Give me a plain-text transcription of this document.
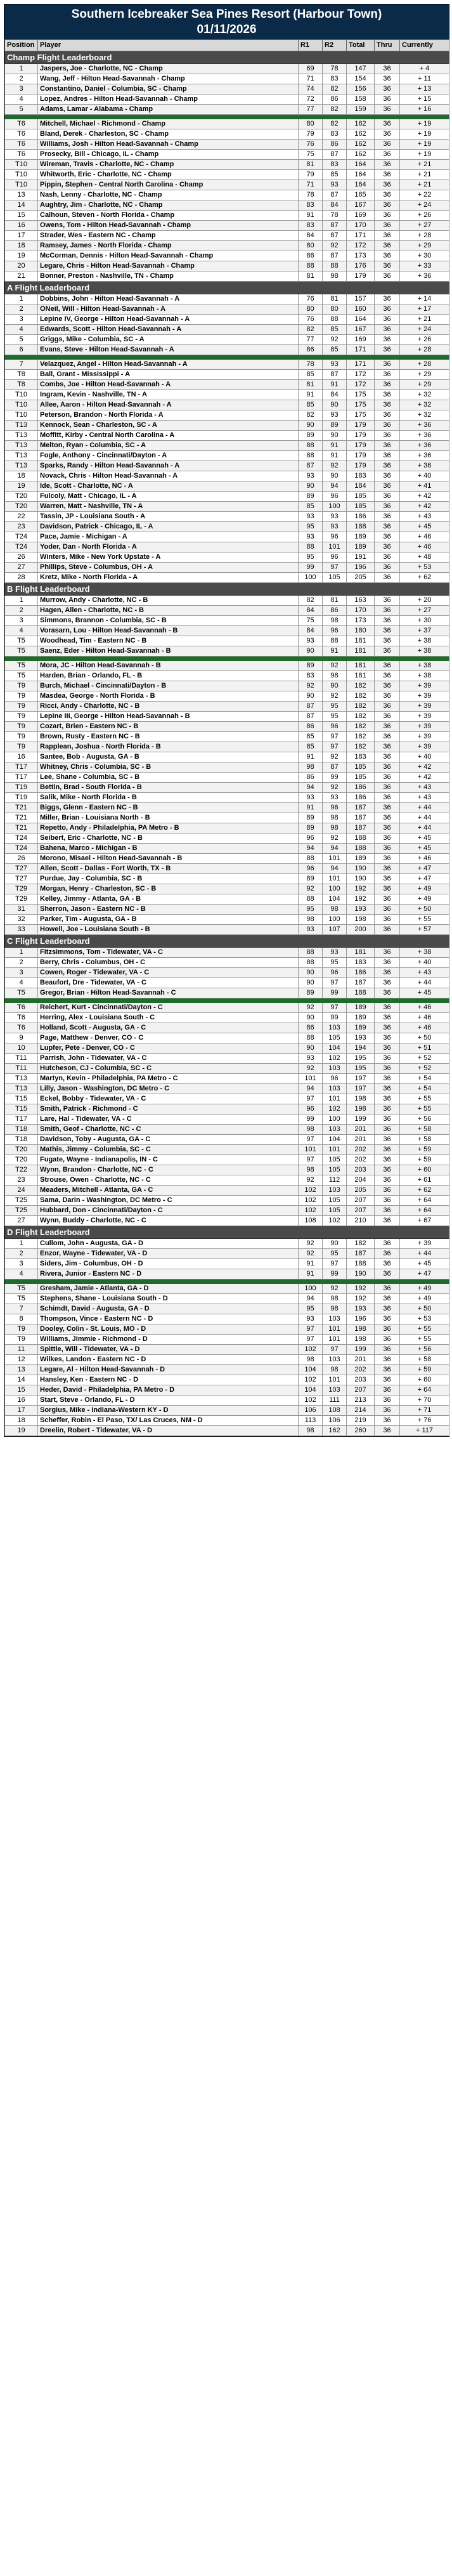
Southern Icebreaker Sea Pines Resort (Harbour Town)
01/11/2026
Position	Player	R1	R2	Total	Thru	Currently
Champ Flight Leaderboard						
1	Jaspers, Joe - Charlotte, NC - Champ	69	78	147	36	+ 4
2	Wang, Jeff - Hilton Head-Savannah - Champ	71	83	154	36	+ 11
3	Constantino, Daniel - Columbia, SC - Champ	74	82	156	36	+ 13
4	Lopez, Andres - Hilton Head-Savannah - Champ	72	86	158	36	+ 15
5	Adams, Lamar - Alabama - Champ	77	82	159	36	+ 16

T6	Mitchell, Michael - Richmond - Champ	80	82	162	36	+ 19
T6	Bland, Derek - Charleston, SC - Champ	79	83	162	36	+ 19
T6	Williams, Josh - Hilton Head-Savannah - Champ	76	86	162	36	+ 19
T6	Prosecky, Bill - Chicago, IL - Champ	75	87	162	36	+ 19
T10	Wireman, Travis - Charlotte, NC - Champ	81	83	164	36	+ 21
T10	Whitworth, Eric - Charlotte, NC - Champ	79	85	164	36	+ 21
T10	Pippin, Stephen - Central North Carolina - Champ	71	93	164	36	+ 21
13	Nash, Lenny - Charlotte, NC - Champ	78	87	165	36	+ 22
14	Aughtry, Jim - Charlotte, NC - Champ	83	84	167	36	+ 24
15	Calhoun, Steven - North Florida - Champ	91	78	169	36	+ 26
16	Owens, Tom - Hilton Head-Savannah - Champ	83	87	170	36	+ 27
17	Strader, Wes - Eastern NC - Champ	84	87	171	36	+ 28
18	Ramsey, James - North Florida - Champ	80	92	172	36	+ 29
19	McCorman, Dennis - Hilton Head-Savannah - Champ	86	87	173	36	+ 30
20	Legare, Chris - Hilton Head-Savannah - Champ	88	88	176	36	+ 33
21	Bonner, Preston - Nashville, TN - Champ	81	98	179	36	+ 36
A Flight Leaderboard						
1	Dobbins, John - Hilton Head-Savannah - A	76	81	157	36	+ 14
2	ONeil, Will - Hilton Head-Savannah - A	80	80	160	36	+ 17
3	Lepine IV, George - Hilton Head-Savannah - A	76	88	164	36	+ 21
4	Edwards, Scott - Hilton Head-Savannah - A	82	85	167	36	+ 24
5	Griggs, Mike - Columbia, SC - A	77	92	169	36	+ 26
6	Evans, Steve - Hilton Head-Savannah - A	86	85	171	36	+ 28

7	Velazquez, Angel - Hilton Head-Savannah - A	78	93	171	36	+ 28
T8	Ball, Grant - Mississippi - A	85	87	172	36	+ 29
T8	Combs, Joe - Hilton Head-Savannah - A	81	91	172	36	+ 29
T10	Ingram, Kevin - Nashville, TN - A	91	84	175	36	+ 32
T10	Allee, Aaron - Hilton Head-Savannah - A	85	90	175	36	+ 32
T10	Peterson, Brandon - North Florida - A	82	93	175	36	+ 32
T13	Kennock, Sean - Charleston, SC - A	90	89	179	36	+ 36
T13	Moffitt, Kirby - Central North Carolina - A	89	90	179	36	+ 36
T13	Melton, Ryan - Columbia, SC - A	88	91	179	36	+ 36
T13	Fogle, Anthony - Cincinnati/Dayton - A	88	91	179	36	+ 36
T13	Sparks, Randy - Hilton Head-Savannah - A	87	92	179	36	+ 36
18	Novack, Chris - Hilton Head-Savannah - A	93	90	183	36	+ 40
19	Ide, Scott - Charlotte, NC - A	90	94	184	36	+ 41
T20	Fulcoly, Matt - Chicago, IL - A	89	96	185	36	+ 42
T20	Warren, Matt - Nashville, TN - A	85	100	185	36	+ 42
22	Tassin, JP - Louisiana South - A	93	93	186	36	+ 43
23	Davidson, Patrick - Chicago, IL - A	95	93	188	36	+ 45
T24	Pace, Jamie - Michigan - A	93	96	189	36	+ 46
T24	Yoder, Dan - North Florida - A	88	101	189	36	+ 46
26	Winters, Mike - New York Upstate - A	95	96	191	36	+ 48
27	Phillips, Steve - Columbus, OH - A	99	97	196	36	+ 53
28	Kretz, Mike - North Florida - A	100	105	205	36	+ 62
B Flight Leaderboard						
1	Murrow, Andy - Charlotte, NC - B	82	81	163	36	+ 20
2	Hagen, Allen - Charlotte, NC - B	84	86	170	36	+ 27
3	Simmons, Brannon - Columbia, SC - B	75	98	173	36	+ 30
4	Vorasarn, Lou - Hilton Head-Savannah - B	84	96	180	36	+ 37
T5	Woodhead, Tim - Eastern NC - B	93	88	181	36	+ 38
T5	Saenz, Eder - Hilton Head-Savannah - B	90	91	181	36	+ 38

T5	Mora, JC - Hilton Head-Savannah - B	89	92	181	36	+ 38
T5	Harden, Brian - Orlando, FL - B	83	98	181	36	+ 38
T9	Burch, Michael - Cincinnati/Dayton - B	92	90	182	36	+ 39
T9	Masdea, George - North Florida - B	90	92	182	36	+ 39
T9	Ricci, Andy - Charlotte, NC - B	87	95	182	36	+ 39
T9	Lepine III, George - Hilton Head-Savannah - B	87	95	182	36	+ 39
T9	Cozart, Brien - Eastern NC - B	86	96	182	36	+ 39
T9	Brown, Rusty - Eastern NC - B	85	97	182	36	+ 39
T9	Rapplean, Joshua - North Florida - B	85	97	182	36	+ 39
16	Santee, Bob - Augusta, GA - B	91	92	183	36	+ 40
T17	Whitney, Chris - Columbia, SC - B	98	87	185	36	+ 42
T17	Lee, Shane - Columbia, SC - B	86	99	185	36	+ 42
T19	Bettin, Brad - South Florida - B	94	92	186	36	+ 43
T19	Salik, Mike - North Florida - B	93	93	186	36	+ 43
T21	Biggs, Glenn - Eastern NC - B	91	96	187	36	+ 44
T21	Miller, Brian - Louisiana North - B	89	98	187	36	+ 44
T21	Repetto, Andy - Philadelphia, PA Metro - B	89	98	187	36	+ 44
T24	Seibert, Eric - Charlotte, NC - B	96	92	188	36	+ 45
T24	Bahena, Marco - Michigan - B	94	94	188	36	+ 45
26	Morono, Misael - Hilton Head-Savannah - B	88	101	189	36	+ 46
T27	Allen, Scott - Dallas - Fort Worth, TX - B	96	94	190	36	+ 47
T27	Purdue, Jay - Columbia, SC - B	89	101	190	36	+ 47
T29	Morgan, Henry - Charleston, SC - B	92	100	192	36	+ 49
T29	Kelley, Jimmy - Atlanta, GA - B	88	104	192	36	+ 49
31	Sherron, Jason - Eastern NC - B	95	98	193	36	+ 50
32	Parker, Tim - Augusta, GA - B	98	100	198	36	+ 55
33	Howell, Joe - Louisiana South - B	93	107	200	36	+ 57
C Flight Leaderboard						
1	Fitzsimmons, Tom - Tidewater, VA - C	88	93	181	36	+ 38
2	Berry, Chris - Columbus, OH - C	88	95	183	36	+ 40
3	Cowen, Roger - Tidewater, VA - C	90	96	186	36	+ 43
4	Beaufort, Dre - Tidewater, VA - C	90	97	187	36	+ 44
T5	Gregor, Brian - Hilton Head-Savannah - C	89	99	188	36	+ 45

T6	Reichert, Kurt - Cincinnati/Dayton - C	92	97	189	36	+ 46
T6	Herring, Alex - Louisiana South - C	90	99	189	36	+ 46
T6	Holland, Scott - Augusta, GA - C	86	103	189	36	+ 46
9	Page, Matthew - Denver, CO - C	88	105	193	36	+ 50
10	Lupfer, Pete - Denver, CO - C	90	104	194	36	+ 51
T11	Parrish, John - Tidewater, VA - C	93	102	195	36	+ 52
T11	Hutcheson, CJ - Columbia, SC - C	92	103	195	36	+ 52
T13	Martyn, Kevin - Philadelphia, PA Metro - C	101	96	197	36	+ 54
T13	Lilly, Jason - Washington, DC Metro - C	94	103	197	36	+ 54
T15	Eckel, Bobby - Tidewater, VA - C	97	101	198	36	+ 55
T15	Smith, Patrick - Richmond - C	96	102	198	36	+ 55
T17	Lare, Hal - Tidewater, VA - C	99	100	199	36	+ 56
T18	Smith, Geof - Charlotte, NC - C	98	103	201	36	+ 58
T18	Davidson, Toby - Augusta, GA - C	97	104	201	36	+ 58
T20	Mathis, Jimmy - Columbia, SC - C	101	101	202	36	+ 59
T20	Fugate, Wayne - Indianapolis, IN - C	97	105	202	36	+ 59
T22	Wynn, Brandon - Charlotte, NC - C	98	105	203	36	+ 60
23	Strouse, Owen - Charlotte, NC - C	92	112	204	36	+ 61
24	Meaders, Mitchell - Atlanta, GA - C	102	103	205	36	+ 62
T25	Sama, Darin - Washington, DC Metro - C	102	105	207	36	+ 64
T25	Hubbard, Don - Cincinnati/Dayton - C	102	105	207	36	+ 64
27	Wynn, Buddy - Charlotte, NC - C	108	102	210	36	+ 67
D Flight Leaderboard						
1	Cullom, John - Augusta, GA - D	92	90	182	36	+ 39
2	Enzor, Wayne - Tidewater, VA - D	92	95	187	36	+ 44
3	Siders, Jim - Columbus, OH - D	91	97	188	36	+ 45
4	Rivera, Junior - Eastern NC - D	91	99	190	36	+ 47

T5	Gresham, Jamie - Atlanta, GA - D	100	92	192	36	+ 49
T5	Stephens, Shane - Louisiana South - D	94	98	192	36	+ 49
7	Schimdt, David - Augusta, GA - D	95	98	193	36	+ 50
8	Thompson, Vince - Eastern NC - D	93	103	196	36	+ 53
T9	Dooley, Colin - St. Louis, MO - D	97	101	198	36	+ 55
T9	Williams, Jimmie - Richmond - D	97	101	198	36	+ 55
11	Spittle, Will - Tidewater, VA - D	102	97	199	36	+ 56
12	Wilkes, Landon - Eastern NC - D	98	103	201	36	+ 58
13	Legare, Al - Hilton Head-Savannah - D	104	98	202	36	+ 59
14	Hansley, Ken - Eastern NC - D	102	101	203	36	+ 60
15	Heder, David - Philadelphia, PA Metro - D	104	103	207	36	+ 64
16	Start, Steve - Orlando, FL - D	102	111	213	36	+ 70
17	Sorgius, Mike - Indiana-Western KY - D	106	108	214	36	+ 71
18	Scheffer, Robin - El Paso, TX/ Las Cruces, NM - D	113	106	219	36	+ 76
19	Dreelin, Robert - Tidewater, VA - D	98	162	260	36	+ 117
